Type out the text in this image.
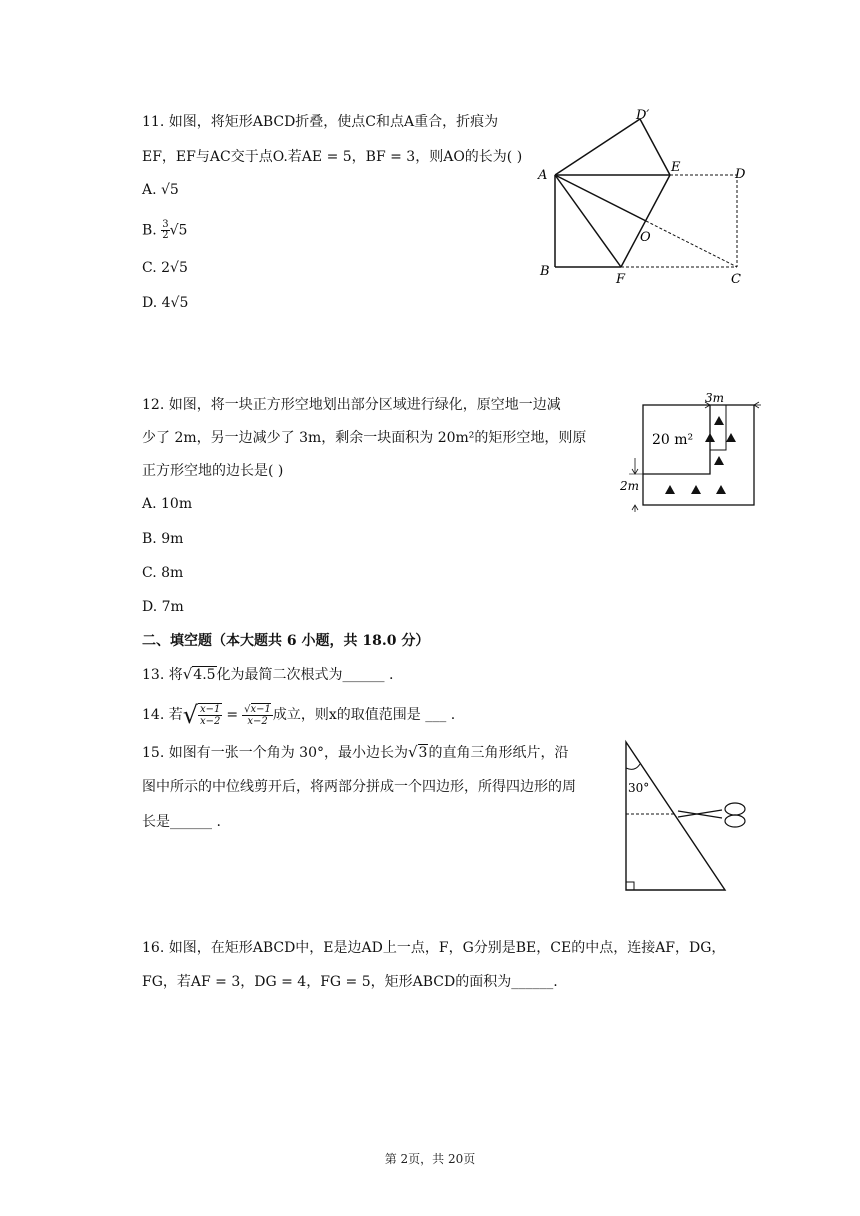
11. 如图，将矩形ABCD折叠，使点C和点A重合，折痕为
EF，EF与AC交于点O.若AE = 5，BF = 3，则AO的长为( )
A. √5
B. $\frac{3}{2} √5$
C. 2√5
D. 4√5
A
B
C
D
D′
E
F
O
12. 如图，将一块正方形空地划出部分区域进行绿化，原空地一边减
少了 2m，另一边减少了 3m，剩余一块面积为 20m²的矩形空地，则原
正方形空地的边长是( )
A. 10m
B. 9m
C. 8m
D. 7m
20 m²
3m
2m
二、填空题（本大题共 6 小题，共 18.0 分）
13. 将√4.5化为最简二次根式为______ .
14. 若√ $\frac{x-1}{x-2} = \frac{√x-1}{x-2}$ 成立，则x的取值范围是 ___ .
15. 如图有一张一个角为 30°，最小边长为√3的直角三角形纸片，沿
图中所示的中位线剪开后，将两部分拼成一个四边形，所得四边形的周
长是______ .
30°
16. 如图，在矩形ABCD中，E是边AD上一点，F，G分别是BE，CE的中点，连接AF，DG，
FG，若AF = 3，DG = 4，FG = 5，矩形ABCD的面积为______.
第 2页，共 20页
